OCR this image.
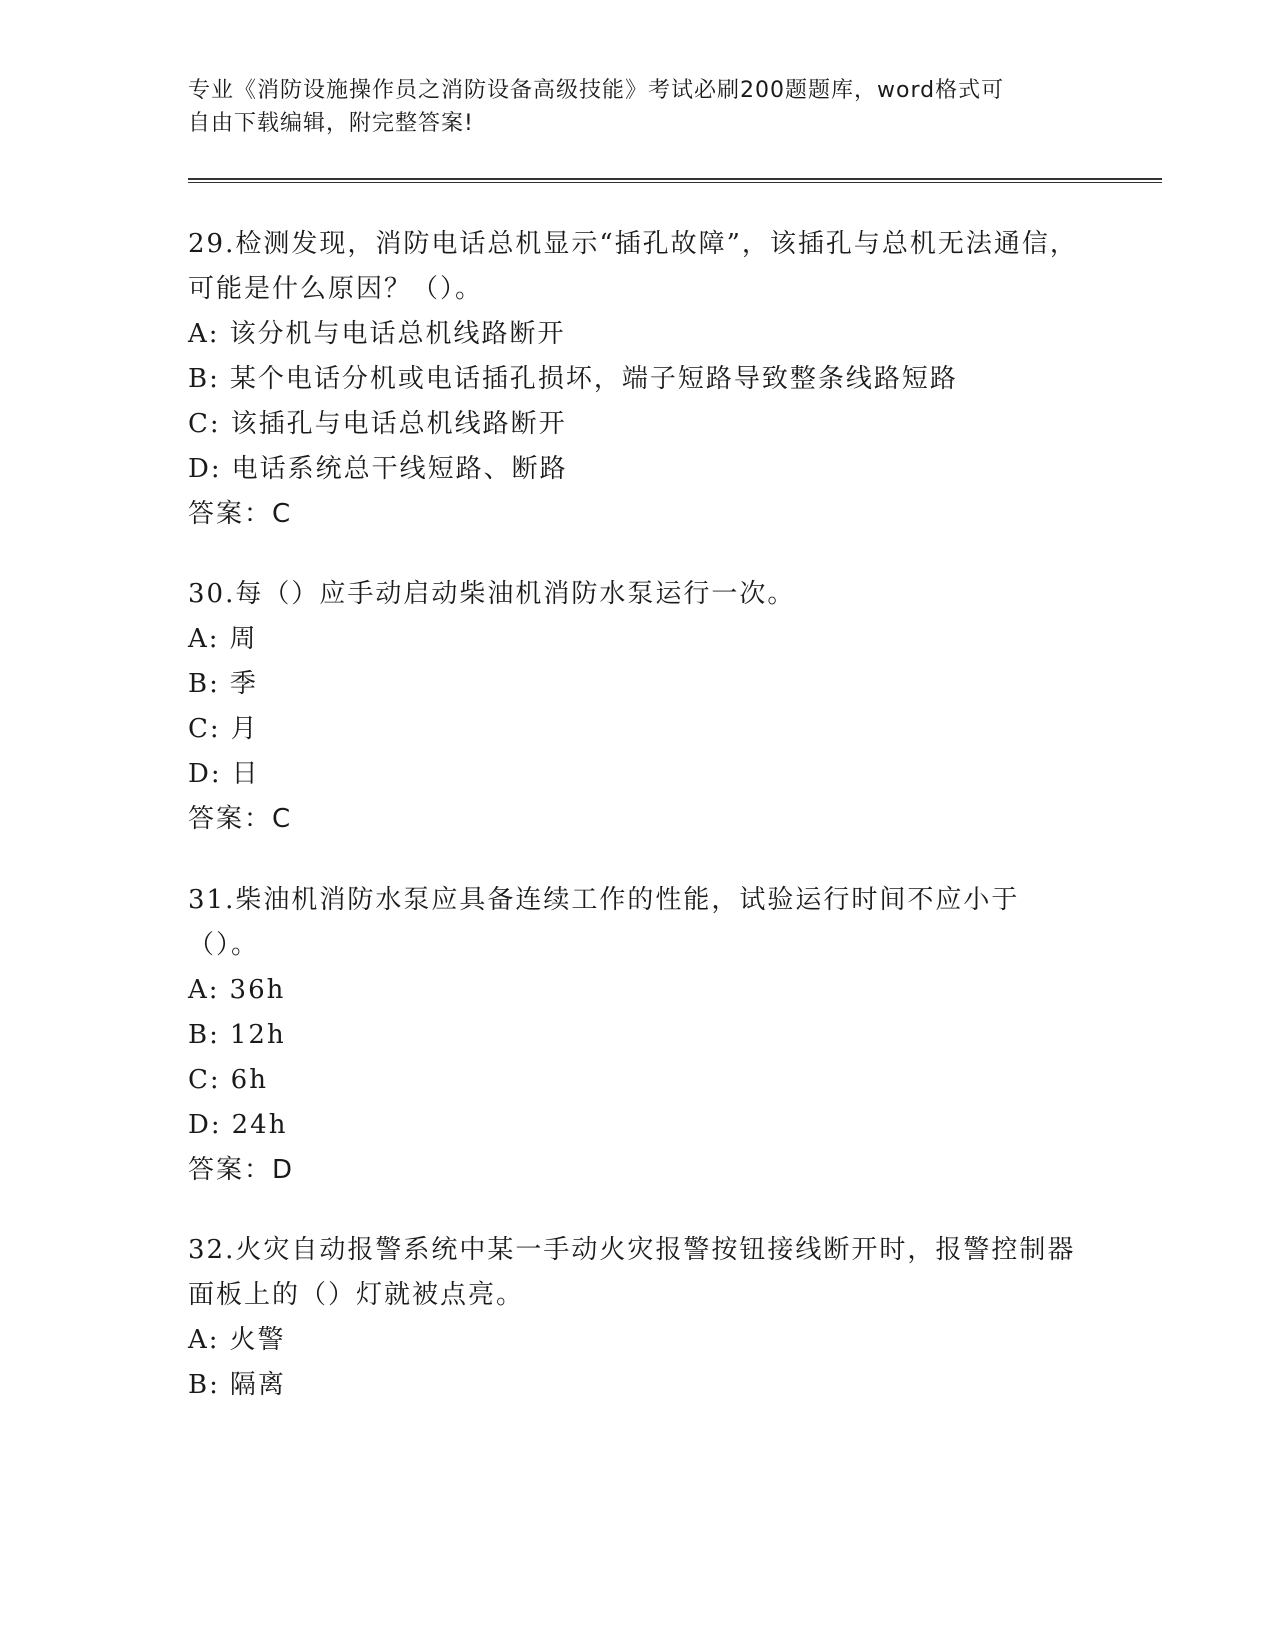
专业《消防设施操作员之消防设备高级技能》考试必刷200题题库，word格式可
自由下载编辑，附完整答案!

29.检测发现，消防电话总机显示“插孔故障”，该插孔与总机无法通信，可能是什么原因？（）。

A: 该分机与电话总机线路断开

B: 某个电话分机或电话插孔损坏，端子短路导致整条线路短路

C: 该插孔与电话总机线路断开

D: 电话系统总干线短路、断路

答案：C

30.每（）应手动启动柴油机消防水泵运行一次。

A: 周

B: 季

C: 月

D: 日

答案：C

31.柴油机消防水泵应具备连续工作的性能，试验运行时间不应小于（）。

A: 36h

B: 12h

C: 6h

D: 24h

答案：D

32.火灾自动报警系统中某一手动火灾报警按钮接线断开时，报警控制器面板上的（）灯就被点亮。

A: 火警

B: 隔离
